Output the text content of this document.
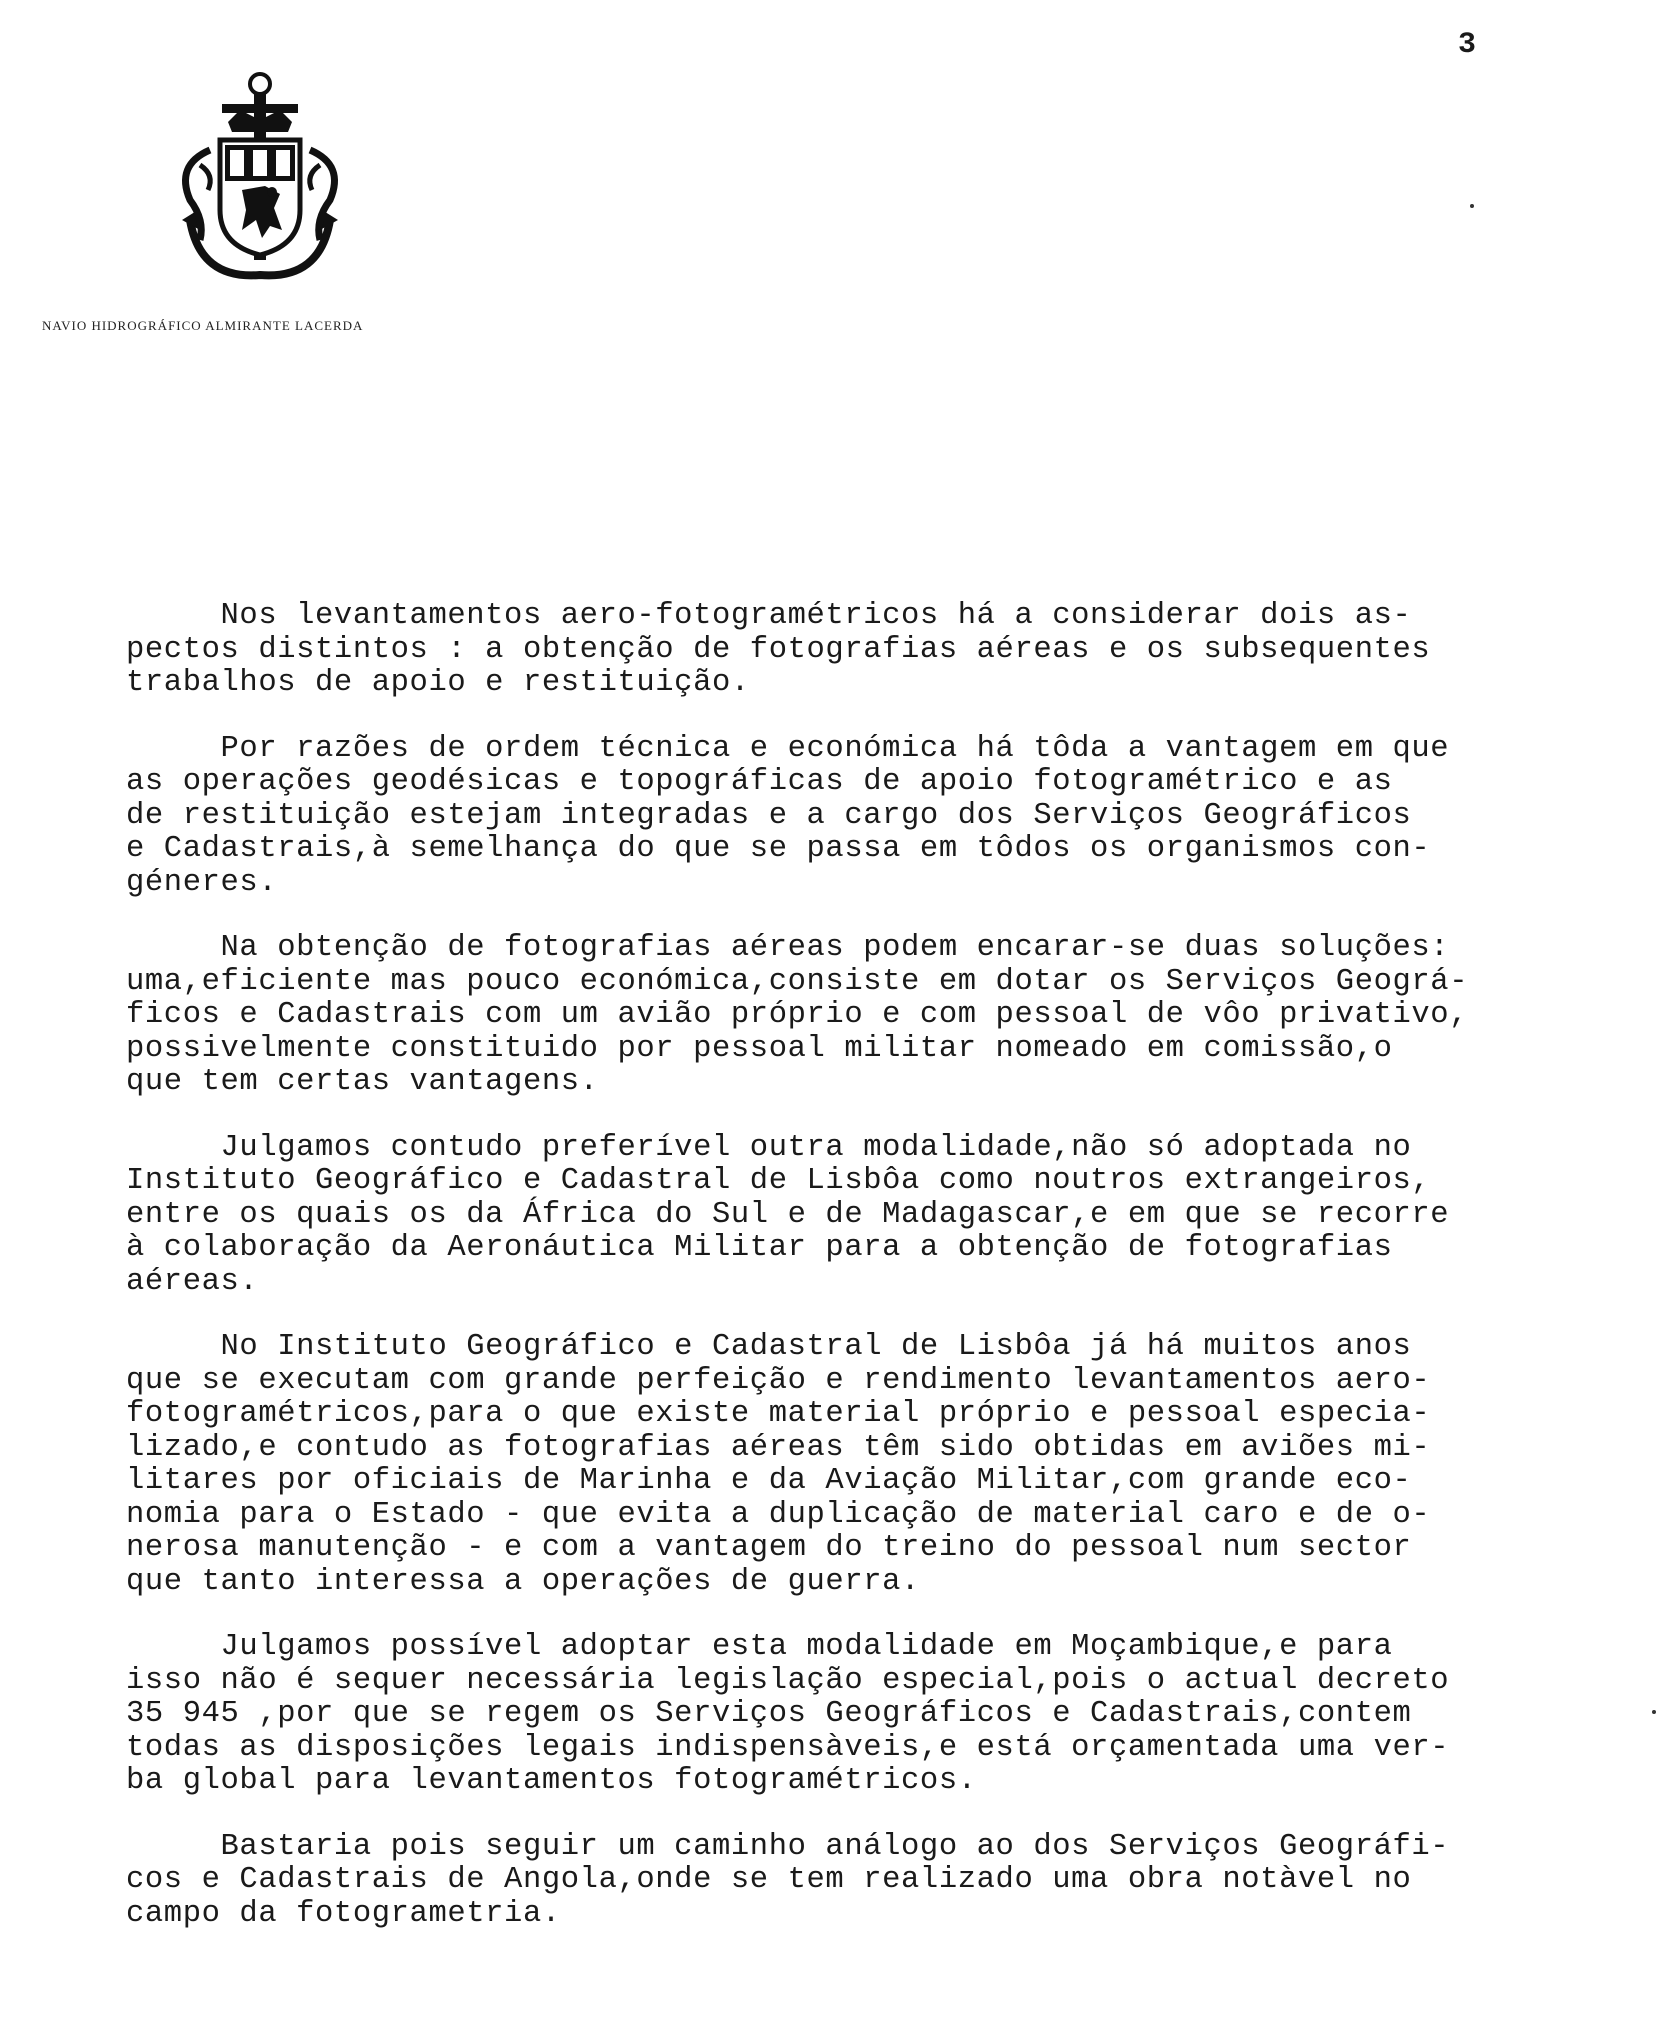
3
NAVIO HIDROGRÁFICO ALMIRANTE LACERDA

Nos levantamentos aero-fotogramétricos há a considerar dois as-
pectos distintos : a obtenção de fotografias aéreas e os subsequentes
trabalhos de apoio e restituição.

Por razões de ordem técnica e económica há tôda a vantagem em que
as operações geodésicas e topográficas de apoio fotogramétrico e as
de restituição estejam integradas e a cargo dos Serviços Geográficos
e Cadastrais,à semelhança do que se passa em tôdos os organismos con-
géneres.

Na obtenção de fotografias aéreas podem encarar-se duas soluções:
uma,eficiente mas pouco económica,consiste em dotar os Serviços Geográ-
ficos e Cadastrais com um avião próprio e com pessoal de vôo privativo,
possivelmente constituido por pessoal militar nomeado em comissão,o
que tem certas vantagens.

Julgamos contudo preferível outra modalidade,não só adoptada no
Instituto Geográfico e Cadastral de Lisbôa como noutros extrangeiros,
entre os quais os da África do Sul e de Madagascar,e em que se recorre
à colaboração da Aeronáutica Militar para a obtenção de fotografias
aéreas.

No Instituto Geográfico e Cadastral de Lisbôa já há muitos anos
que se executam com grande perfeição e rendimento levantamentos aero-
fotogramétricos,para o que existe material próprio e pessoal especia-
lizado,e contudo as fotografias aéreas têm sido obtidas em aviões mi-
litares por oficiais de Marinha e da Aviação Militar,com grande eco-
nomia para o Estado - que evita a duplicação de material caro e de o-
nerosa manutenção - e com a vantagem do treino do pessoal num sector
que tanto interessa a operações de guerra.

Julgamos possível adoptar esta modalidade em Moçambique,e para
isso não é sequer necessária legislação especial,pois o actual decreto
35 945 ,por que se regem os Serviços Geográficos e Cadastrais,contem
todas as disposições legais indispensàveis,e está orçamentada uma ver-
ba global para levantamentos fotogramétricos.

Bastaria pois seguir um caminho análogo ao dos Serviços Geográfi-
cos e Cadastrais de Angola,onde se tem realizado uma obra notàvel no
campo da fotogrametria.
